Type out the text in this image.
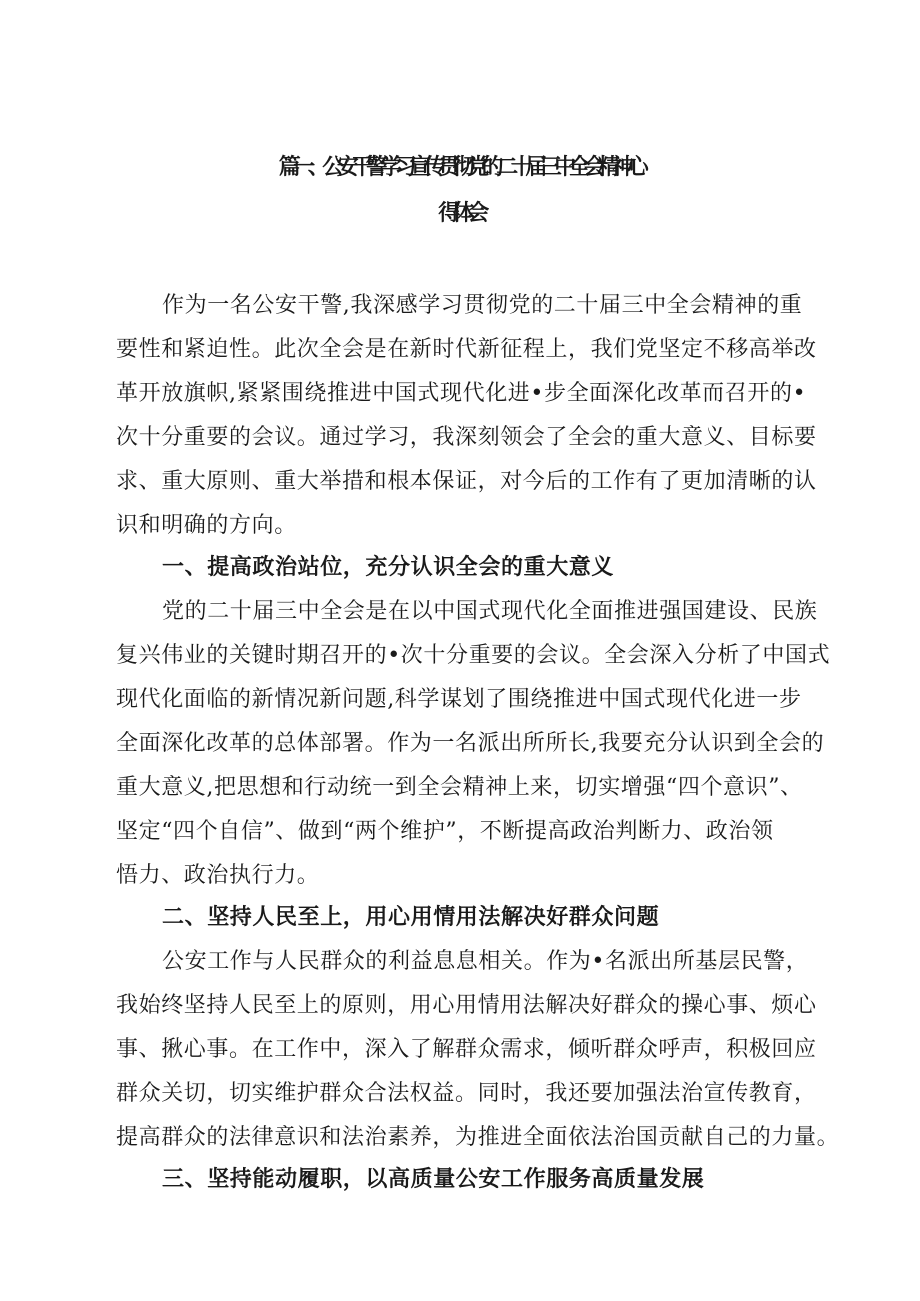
篇一、公安干警学习宣传贯彻党的二十届三中全会精神心
得体会
作为一名公安干警,我深感学习贯彻党的二十届三中全会精神的重
要性和紧迫性。此次全会是在新时代新征程上，我们党坚定不移高举改
革开放旗帜,紧紧围绕推进中国式现代化进•步全面深化改革而召开的•
次十分重要的会议。通过学习，我深刻领会了全会的重大意义、目标要
求、重大原则、重大举措和根本保证，对今后的工作有了更加清晰的认
识和明确的方向。
一、提高政治站位，充分认识全会的重大意义
党的二十届三中全会是在以中国式现代化全面推进强国建设、民族
复兴伟业的关键时期召开的•次十分重要的会议。全会深入分析了中国式
现代化面临的新情况新问题,科学谋划了围绕推进中国式现代化进一步
全面深化改革的总体部署。作为一名派出所所长,我要充分认识到全会的
重大意义,把思想和行动统一到全会精神上来，切实增强“四个意识”、
坚定“四个自信”、做到“两个维护”，不断提高政治判断力、政治领
悟力、政治执行力。
二、坚持人民至上，用心用情用法解决好群众问题
公安工作与人民群众的利益息息相关。作为•名派出所基层民警，
我始终坚持人民至上的原则，用心用情用法解决好群众的操心事、烦心
事、揪心事。在工作中，深入了解群众需求，倾听群众呼声，积极回应
群众关切，切实维护群众合法权益。同时，我还要加强法治宣传教育，
提高群众的法律意识和法治素养，为推进全面依法治国贡献自己的力量。
三、坚持能动履职，以高质量公安工作服务高质量发展
